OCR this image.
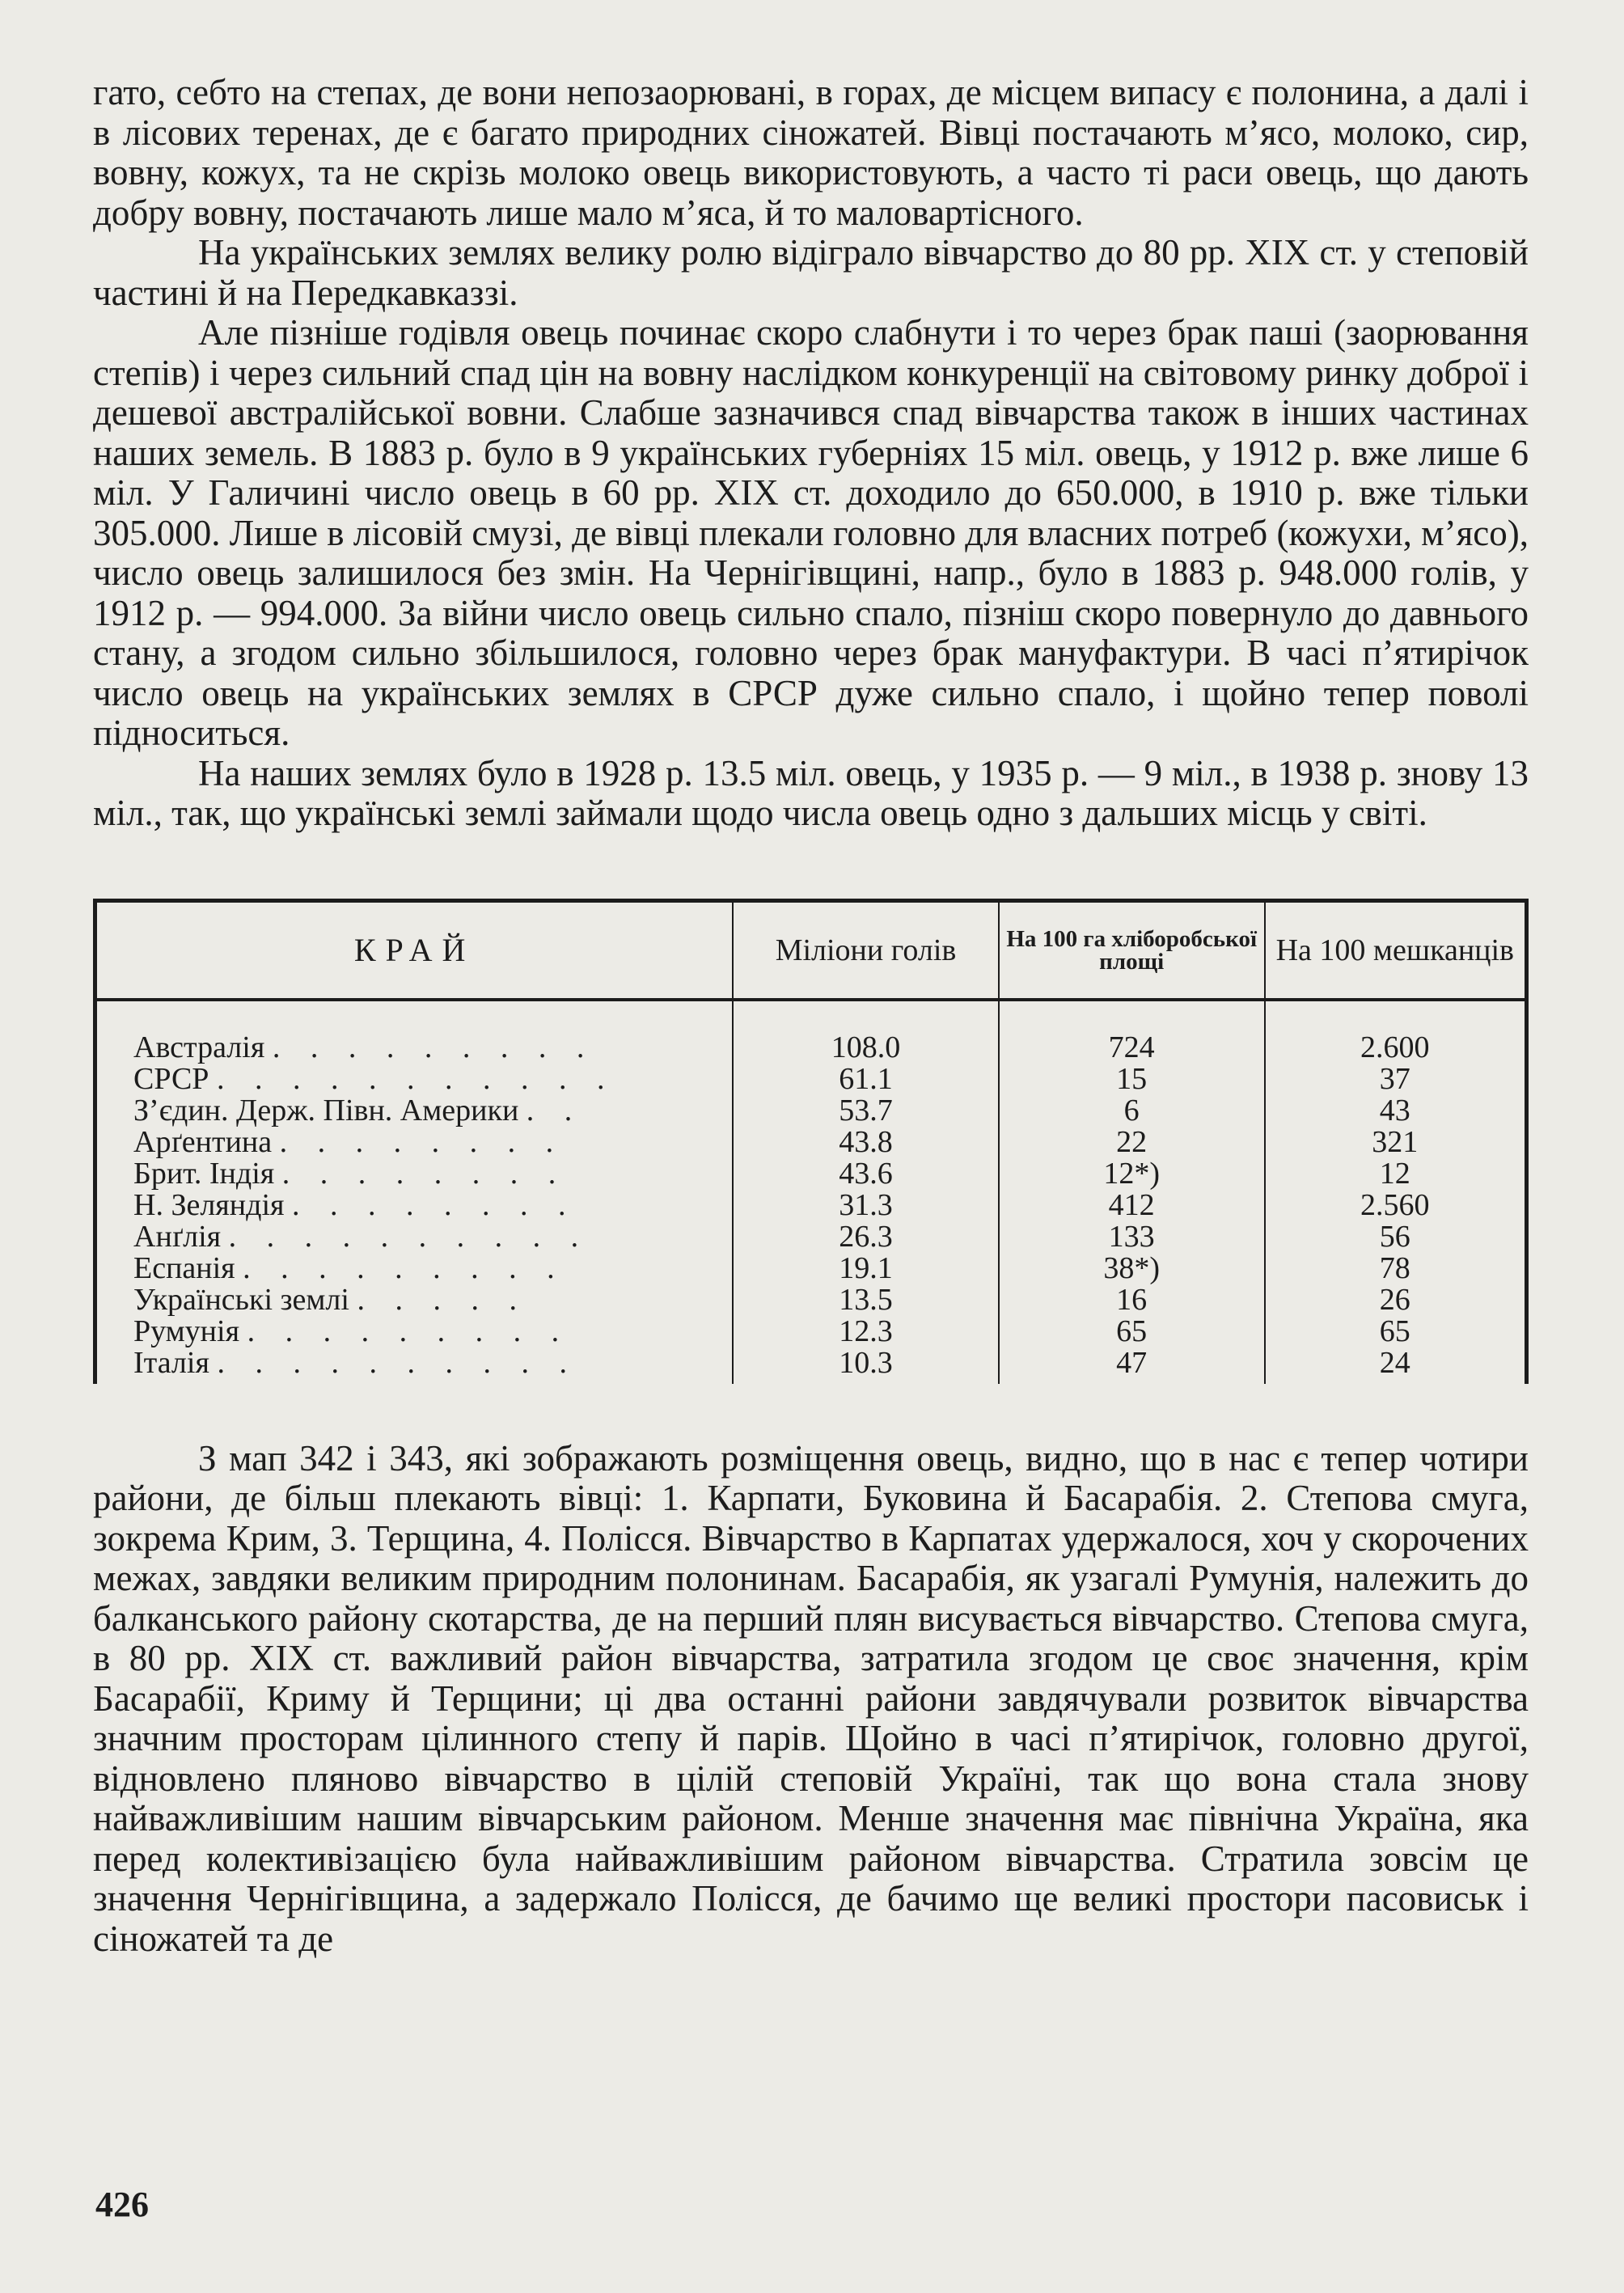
гато, себто на степах, де вони непозаорювані, в горах, де місцем випасу є полонина, а далі і в лісових теренах, де є багато природних сіножатей. Вівці постачають м’ясо, молоко, сир, вовну, кожух, та не скрізь молоко овець використовують, а часто ті раси овець, що дають добру вовну, постачають лише мало м’яса, й то маловартісного.

На українських землях велику ролю відіграло вівчарство до 80 рр. XIX ст. у степовій частині й на Передкавказзі.

Але пізніше годівля овець починає скоро слабнути і то через брак паші (заорювання степів) і через сильний спад цін на вовну наслідком конкуренції на світовому ринку доброї і дешевої австралійської вовни. Слабше зазначився спад вівчарства також в інших частинах наших земель. В 1883 р. було в 9 українських губерніях 15 міл. овець, у 1912 р. вже лише 6 міл. У Галичині число овець в 60 рр. XIX ст. доходило до 650.000, в 1910 р. вже тільки 305.000. Лише в лісовій смузі, де вівці плекали головно для власних потреб (кожухи, м’ясо), число овець залишилося без змін. На Чернігівщині, напр., було в 1883 р. 948.000 голів, у 1912 р. — 994.000. За війни число овець сильно спало, пізніш скоро повернуло до давнього стану, а згодом сильно збільшилося, головно через брак мануфактури. В часі п’ятирічок число овець на українських землях в СРСР дуже сильно спало, і щойно тепер поволі підноситься.

На наших землях було в 1928 р. 13.5 міл. овець, у 1935 р. — 9 міл., в 1938 р. знову 13 міл., так, що українські землі займали щодо числа овець одно з дальших місць у світі.

КРАЙ	Міліони голів	На 100 га хліборобської площі	На 100 мешканців
Австралія . . . . . . . . .	108.0	724	2.600
СРСР . . . . . . . . . . .	61.1	15	37
З’єдин. Держ. Півн. Америки . .	53.7	6	43
Арґентина . . . . . . . .	43.8	22	321
Брит. Індія . . . . . . . .	43.6	12*)	12
Н. Зеляндія . . . . . . . .	31.3	412	2.560
Анґлія . . . . . . . . . .	26.3	133	56
Еспанія . . . . . . . . .	19.1	38*)	78
Українські землі . . . . .	13.5	16	26
Румунія . . . . . . . . .	12.3	65	65
Італія . . . . . . . . . .	10.3	47	24

З мап 342 і 343, які зображають розміщення овець, видно, що в нас є тепер чотири райони, де більш плекають вівці: 1. Карпати, Буковина й Басарабія. 2. Степова смуга, зокрема Крим, 3. Терщина, 4. Полісся. Вівчарство в Карпатах удержалося, хоч у скорочених межах, завдяки великим природним полонинам. Басарабія, як узагалі Румунія, належить до балканського району скотарства, де на перший плян висувається вівчарство. Степова смуга, в 80 рр. XIX ст. важливий район вівчарства, затратила згодом це своє значення, крім Басарабії, Криму й Терщини; ці два останні райони завдячували розвиток вівчарства значним просторам цілинного степу й парів. Щойно в часі п’ятирічок, головно другої, відновлено пляново вівчарство в цілій степовій Україні, так що вона стала знову найважливішим нашим вівчарським районом. Менше значення має північна Україна, яка перед колективізацією була найважливішим районом вівчарства. Стратила зовсім це значення Чернігівщина, а задержало Полісся, де бачимо ще великі простори пасовиськ і сіножатей та де

426
